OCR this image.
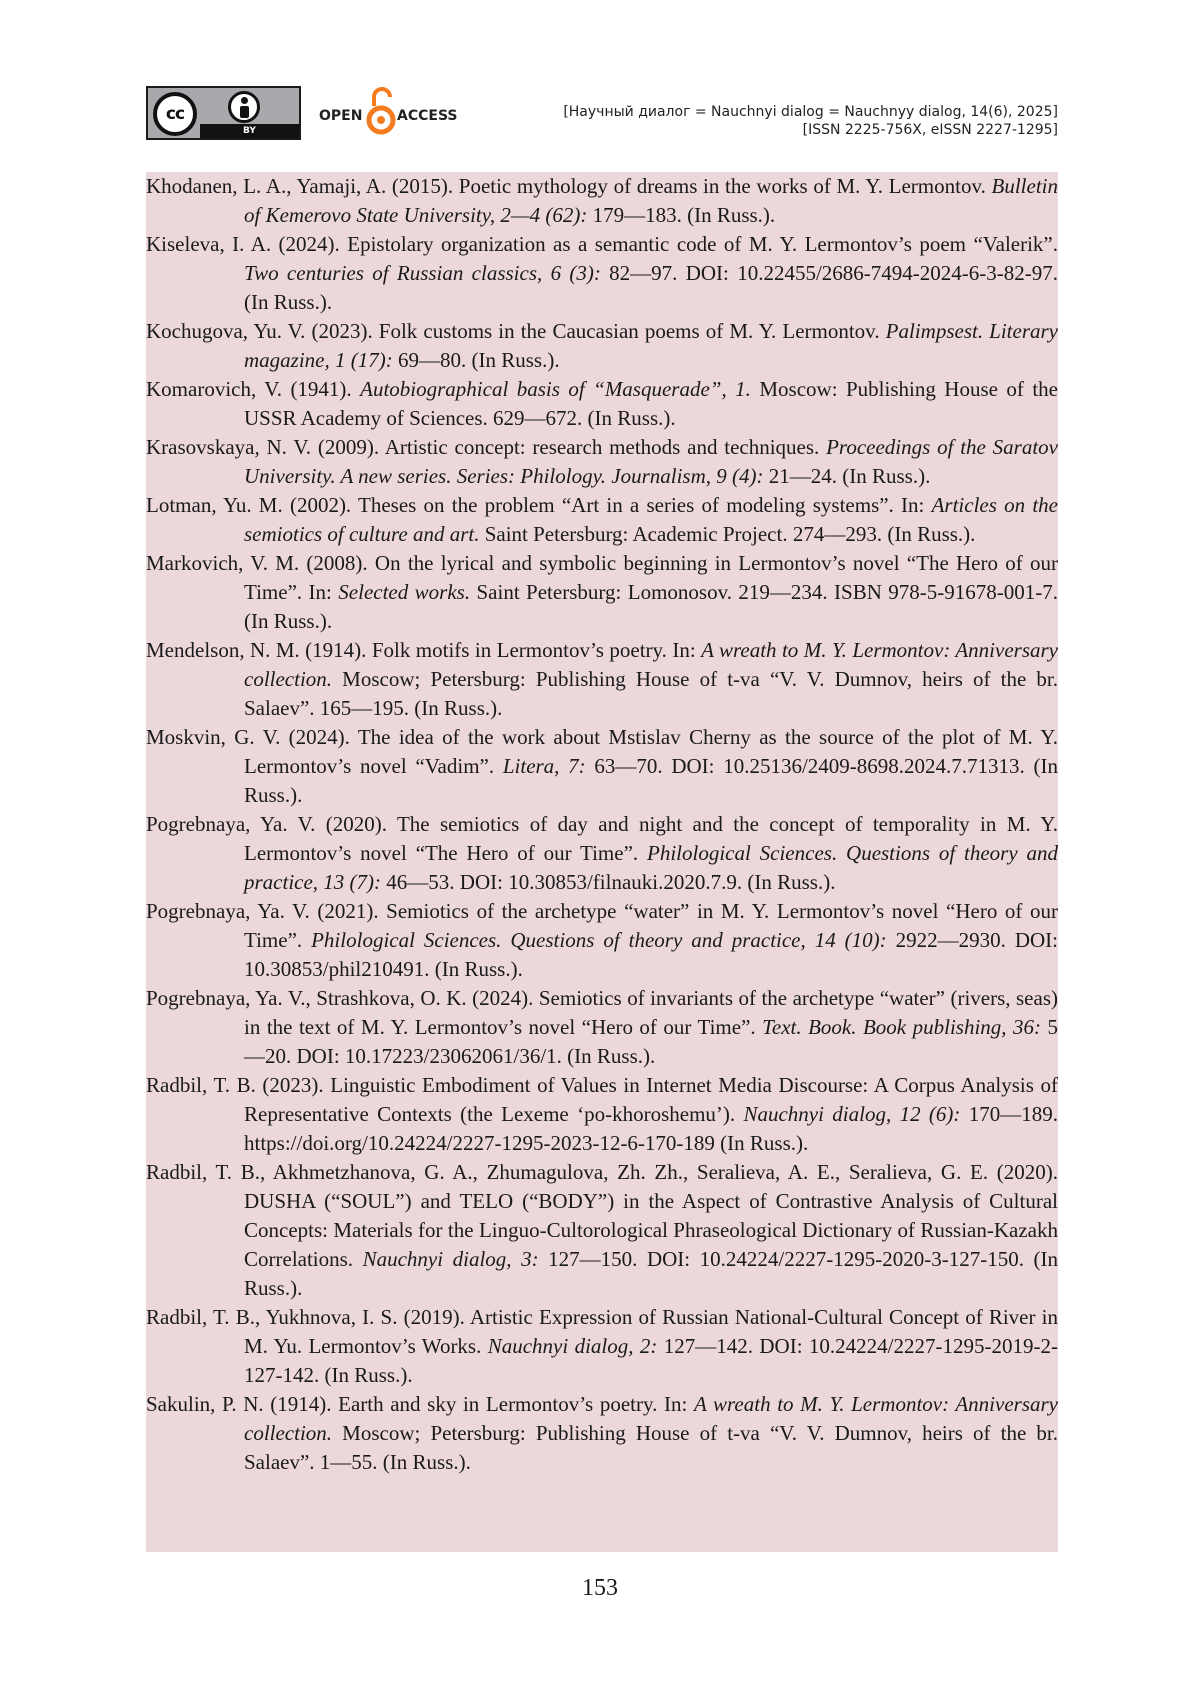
cc
BY
OPEN ACCESS	[Научный диалог = Nauchnyi dialog = Nauchnyy dialog, 14(6), 2025]
[ISSN 2225-756X, eISSN 2227-1295]

Khodanen, L. A., Yamaji, A. (2015). Poetic mythology of dreams in the works of M. Y. Lermontov. Bulletin of Kemerovo State University, 2—4 (62): 179—183. (In Russ.).

Kiseleva, I. A. (2024). Epistolary organization as a semantic code of M. Y. Lermontov’s poem “Valerik”. Two centuries of Russian classics, 6 (3): 82—97. DOI: 10.22455/2686-7494-2024-6-3-82-97. (In Russ.).

Kochugova, Yu. V. (2023). Folk customs in the Caucasian poems of M. Y. Lermontov. Palimpsest. Literary magazine, 1 (17): 69—80. (In Russ.).

Komarovich, V. (1941). Autobiographical basis of “Masquerade”, 1. Moscow: Publishing House of the USSR Academy of Sciences. 629—672. (In Russ.).

Krasovskaya, N. V. (2009). Artistic concept: research methods and techniques. Proceedings of the Saratov University. A new series. Series: Philology. Journalism, 9 (4): 21—24. (In Russ.).

Lotman, Yu. M. (2002). Theses on the problem “Art in a series of modeling systems”. In: Articles on the semiotics of culture and art. Saint Petersburg: Academic Project. 274—293. (In Russ.).

Markovich, V. M. (2008). On the lyrical and symbolic beginning in Lermontov’s novel “The Hero of our Time”. In: Selected works. Saint Petersburg: Lomonosov. 219—234. ISBN 978-5-91678-001-7. (In Russ.).

Mendelson, N. M. (1914). Folk motifs in Lermontov’s poetry. In: A wreath to M. Y. Lermontov: Anniversary collection. Moscow; Petersburg: Publishing House of t-va “V. V. Dumnov, heirs of the br. Salaev”. 165—195. (In Russ.).

Moskvin, G. V. (2024). The idea of the work about Mstislav Cherny as the source of the plot of M. Y. Lermontov’s novel “Vadim”. Litera, 7: 63—70. DOI: 10.25136/2409-8698.2024.7.71313. (In Russ.).

Pogrebnaya, Ya. V. (2020). The semiotics of day and night and the concept of temporality in M. Y. Lermontov’s novel “The Hero of our Time”. Philological Sciences. Questions of theory and practice, 13 (7): 46—53. DOI: 10.30853/filnauki.2020.7.9. (In Russ.).

Pogrebnaya, Ya. V. (2021). Semiotics of the archetype “water” in M. Y. Lermontov’s novel “Hero of our Time”. Philological Sciences. Questions of theory and practice, 14 (10): 2922—2930. DOI: 10.30853/phil210491. (In Russ.).

Pogrebnaya, Ya. V., Strashkova, O. K. (2024). Semiotics of invariants of the archetype “water” (rivers, seas) in the text of M. Y. Lermontov’s novel “Hero of our Time”. Text. Book. Book publishing, 36: 5—20. DOI: 10.17223/23062061/36/1. (In Russ.).

Radbil, T. B. (2023). Linguistic Embodiment of Values in Internet Media Discourse: A Corpus Analysis of Representative Contexts (the Lexeme ‘po-khoroshemu’). Nauchnyi dialog, 12 (6): 170—189. https://doi.org/10.24224/2227-1295-2023-12-6-170-189 (In Russ.).

Radbil, T. B., Akhmetzhanova, G. A., Zhumagulova, Zh. Zh., Seralieva, A. E., Seralieva, G. E. (2020). DUSHA (“SOUL”) and TELO (“BODY”) in the Aspect of Contrastive Analysis of Cultural Concepts: Materials for the Linguo-Cultorological Phraseological Dictionary of Russian-Kazakh Correlations. Nauchnyi dialog, 3: 127—150. DOI: 10.24224/2227-1295-2020-3-127-150. (In Russ.).

Radbil, T. B., Yukhnova, I. S. (2019). Artistic Expression of Russian National-Cultural Concept of River in M. Yu. Lermontov’s Works. Nauchnyi dialog, 2: 127—142. DOI: 10.24224/2227-1295-2019-2-127-142. (In Russ.).

Sakulin, P. N. (1914). Earth and sky in Lermontov’s poetry. In: A wreath to M. Y. Lermontov: Anniversary collection. Moscow; Petersburg: Publishing House of t-va “V. V. Dumnov, heirs of the br. Salaev”. 1—55. (In Russ.).

153
